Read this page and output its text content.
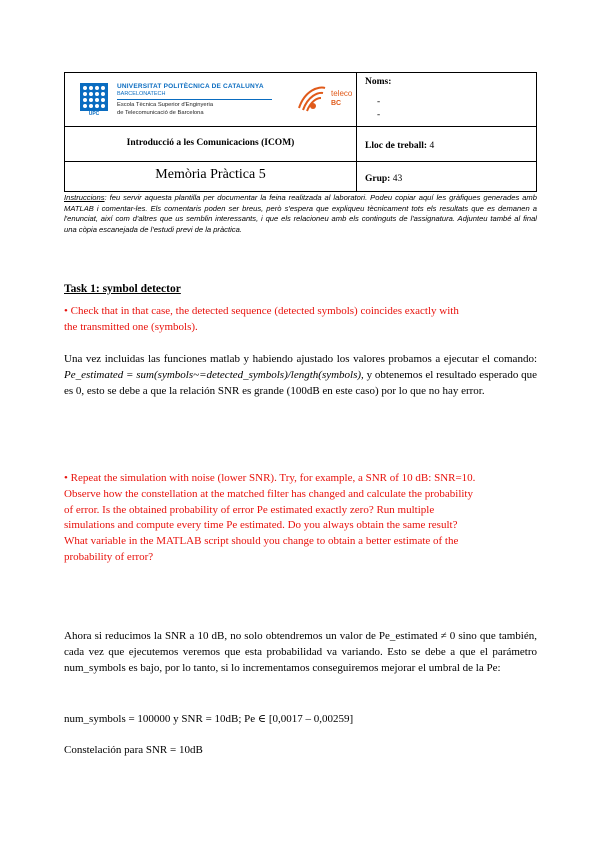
UPC
UNIVERSITAT POLITÈCNICA DE CATALUNYA
BARCELONATECH
Escola Tècnica Superior d'Enginyeria
de Telecomunicació de Barcelona
teleco
BC
Introducció a les Comunicacions (ICOM)
Memòria Pràctica 5
Noms:
-
-
Lloc de treball: 4
Grup: 43
Instruccions: feu servir aquesta plantilla per documentar la feina realitzada al laboratori. Podeu copiar aquí les gràfiques generades amb MATLAB i comentar-les. Els comentaris poden ser breus, però s'espera que expliqueu tècnicament tots els resultats que es demanen a l'enunciat, així com d'altres que us semblin interessants, i que els relacioneu amb els continguts de l'assignatura. Adjunteu també al final una còpia escanejada de l'estudi previ de la pràctica.
Task 1: symbol detector
• Check that in that case, the detected sequence (detected symbols) coincides exactly with
the transmitted one (symbols).
Una vez incluidas las funciones matlab y habiendo ajustado los valores probamos a ejecutar el comando: Pe_estimated = sum(symbols~=detected_symbols)/length(symbols), y obtenemos el resultado esperado que es 0, esto se debe a que la relación SNR es grande (100dB en este caso) por lo que no hay error.
• Repeat the simulation with noise (lower SNR). Try, for example, a SNR of 10 dB: SNR=10.
Observe how the constellation at the matched filter has changed and calculate the probability
of error. Is the obtained probability of error Pe estimated exactly zero? Run multiple
simulations and compute every time Pe estimated. Do you always obtain the same result?
What variable in the MATLAB script should you change to obtain a better estimate of the
probability of error?
Ahora si reducimos la SNR a 10 dB, no solo obtendremos un valor de Pe_estimated ≠ 0 sino que también, cada vez que ejecutemos veremos que esta probabilidad va variando. Esto se debe a que el parámetro num_symbols es bajo, por lo tanto, si lo incrementamos conseguiremos mejorar el umbral de la Pe:
num_symbols = 100000 y SNR = 10dB; Pe ∈ [0,0017 – 0,00259]
Constelación para SNR = 10dB
